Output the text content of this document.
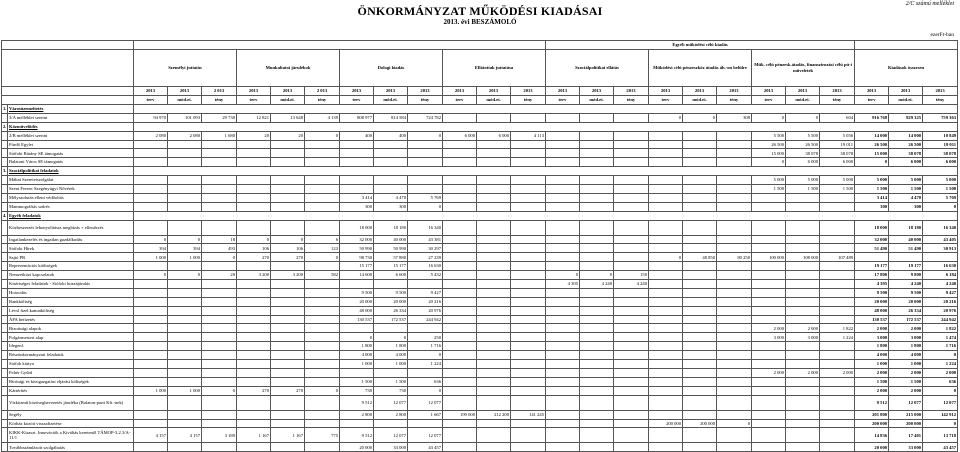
2/C számú melléklet
ÖNKORMÁNYZAT MŰKÖDÉSI KIADÁSAI
2013. évi BESZÁMOLÓ
ezerFt-ban
														Egyéb működési célú kiadás											
		Személyi juttatás			Munkaltatoi járulékok			Dologi kiadás			Ellátottak juttatása			Szociálpolitikai ellátás			Működési célú pénzeszköz átadás áh.-on belülre			Műk. célú pénzesk.átadás, finanszírozási célú pü-i műveletek			Kiadások összesen		
		2013	2013	2 013	2013	2013	2 013	2013	2013	2013	2013	2013	2013	2013	2013	2013	2013	2013	2013	2013	2013	2013	2013	2013	2013
		terv	mód.ei.	tény	terv	mód.ei.	tény	terv	mód.ei.	tény	terv	mód.ei.	tény	terv	mód.ei.	tény	terv	mód.ei.	tény	terv	mód.ei.	tény	terv	mód.ei.	tény
1.	Városüzemeltetés																								
	3/A melléklet szerint	94 970	101 093	29 730	12 821	13 648	4 139	808 977	814 584	724 782							0	0	308	0	0	604	916 768	929 325	759 363
2.	Közművelődés																								
	2/B melléklet szerint	2 080	2 080	1 680	20	20	0	400	400	0	6 000	6 000	4 113							5 500	5 500	5 056	14 000	14 000	10 849
	Fürdő Egylet																			26 500	26 500	19 011	26 500	26 500	19 011
	Siófoki Bárány SE támogatás																			15 000	38 078	38 078	15 000	38 078	38 078
	Balatoni Város SE támogatás																			0	6 000	6 000	0	6 000	6 000
3.	Szociálpolitikai feladatok																								
	Máltai Szeretetszolgálat																			5 000	5 000	5 000	5 000	5 000	5 000
	Szent Ferenc Szegényügyi Nővérek																			1 500	1 500	1 500	1 500	1 500	1 500
	Mélyszolutás elleni védőoltás							3 414	4 470	5 769													3 414	4 470	5 769
	Mammográfiás szűrés							300	300	0													300	300	0
4.	Egyéb feladatok																								
	Közbeszerzés lebonyolításra megbízás + ellenőrzés							18 000	18 180	16 340													18 000	18 180	16 340
	Ingatlankezelés és ingatlan gazdálkodás	0	0	18	0	0	6	32 000	40 000	43 381													32 000	40 000	43 405
	Siófoki Hírek	394	394	493	106	106	123	50 990	50 990	30 297													51 490	51 490	30 913
	Sajtó PR	1 000	1 000	0	270	270	0	98 730	57 880	27 239							0	48 850	80 250	100 000	108 000	107 489			
	Reprezentációs kiöltségek							15 177	15 177	16 630													19 177	19 177	16 630
	Nemzetközi kapcsolatok	0	0	20	3 200	3 200	582	14 600	6 600	5 432				0	0	150							17 800	9 800	6 184
	Kisértséges feladatok - Siófoki hozzájárulás													4 395	4 240	4 240							4 395	4 240	4 240
	Hotoodás							9 500	9 500	9 427													9 500	9 500	9 427
	Bankköltség							20 000	20 000	20 216													20 000	20 000	20 216
	Lévsl fizel.kamatköltség							48 000	26 334	20 976													48 000	26 334	20 976
	ÁFA befizetés							130 537	172 537	244 942													130 537	172 537	244 942
	Bizottsági alapok																			2 000	2 000	1 822	2 000	2 000	1 822
	Polgármesteri alap							0	0	250										3 000	3 000	1 224	3 000	3 000	1 474
	Idegenf.							1 800	1 800	1 716													1 800	1 800	1 716
	Részönkormányzati feladatok							4 000	4 000	0													4 000	4 000	0
	Siófok kártya							1 000	1 000	1 224													1 000	1 000	1 224
	Fehér Gyűrű																			2 000	2 000	2 000	2 000	2 000	2 000
	Bírósági és közigazgatási eljárási költségek							1 500	1 500	636													1 500	1 500	636
	Kártérítés	1 000	1 000	0	270	270	0	730	730	0													2 000	2 000	0
	Vízközmű közösegbevezetés járuléka (Balaton-parti Kft.-nek)							9 512	12 077	12 077													9 512	12 077	12 077
	Segély							2 800	2 800	1 667	199 000	212 200	141 245										201 800	215 000	142 912
	Körház között visszafizetése																200 000	200 000	0				200 000	200 000	0
	KIKK-Kisaszt. Innovációk a Kiváltás keretenől TÁMOP-3.2.3/A-11/1	4 157	4 157	3 189	1 167	1 167	775	9 512	12 077	12 077													14 836	17 401	13 718
	Továbbszámlázott szolgáltatás							20 000	33 000	43 457													20 000	33 000	43 457
